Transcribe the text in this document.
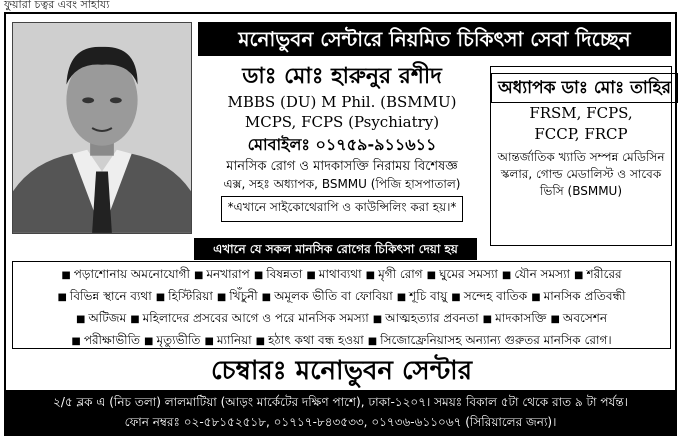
ফুয়ারা চত্বর এবং সাহায্য
মনোভুবন সেন্টারে নিয়মিত চিকিৎসা সেবা দিচ্ছেন
ডাঃ মোঃ হারুনুর রশীদ
MBBS (DU) M Phil. (BSMMU)
MCPS, FCPS (Psychiatry)
মোবাইলঃ ০১৭৫৯-৯১১৬১১
মানসিক রোগ ও মাদকাসক্তি নিরাময় বিশেষজ্ঞ
এক্স, সহঃ অধ্যাপক, BSMMU (পিজি হাসপাতাল)
*এখানে সাইকোথেরাপি ও কাউন্সিলিং করা হয়।*
অধ্যাপক ডাঃ মোঃ তাহির
FRSM, FCPS,
FCCP, FRCP
আন্তর্জাতিক খ্যাতি সম্পন্ন মেডিসিন স্কলার, গোল্ড মেডালিস্ট ও সাবেক ভিসি (BSMMU)
এখানে যে সকল মানসিক রোগের চিকিৎসা দেয়া হয়
■ পড়াশোনায় অমনোযোগী	■ মনখারাপ	■ বিষন্নতা	■ মাথাব্যথা	■ মৃগী রোগ	■ ঘুমের সমস্যা	■ যৌন সমস্যা	■ শরীরের
■ বিভিন্ন স্থানে ব্যথা	■ হিস্টিরিয়া	■ খিঁচুনী	■ অমূলক ভীতি বা ফোবিয়া	■ শূচি বায়ু	■ সন্দেহ বাতিক	■ মানসিক প্রতিবন্ধী
■ অটিজম	■ মহিলাদের প্রসবের আগে ও পরে মানসিক সমস্যা	■ আত্মহত্যার প্রবনতা	■ মাদকাসক্তি	■ অবসেশন
■ পরীক্ষাভীতি	■ মৃত্যুভীতি	■ ম্যানিয়া	■ হঠাৎ কথা বন্ধ হওয়া	■ সিজোফ্রেনিয়াসহ অন্যান্য গুরুতর মানসিক রোগ।
চেম্বারঃ মনোভুবন সেন্টার
২/৫ ব্লক এ (নিচ তলা) লালমাটিয়া (আড়ং মার্কেটের দক্ষিণ পাশে), ঢাকা-১২০৭। সময়ঃ বিকাল ৫টা থেকে রাত ৯ টা পর্যন্ত।
ফোন নম্বরঃ ০২-৫৮১৫২৫১৮, ০১৭১৭-৮৪৩৫৩৩, ০১৭৩৬-৬১১০৬৭ (সিরিয়ালের জন্য)।
